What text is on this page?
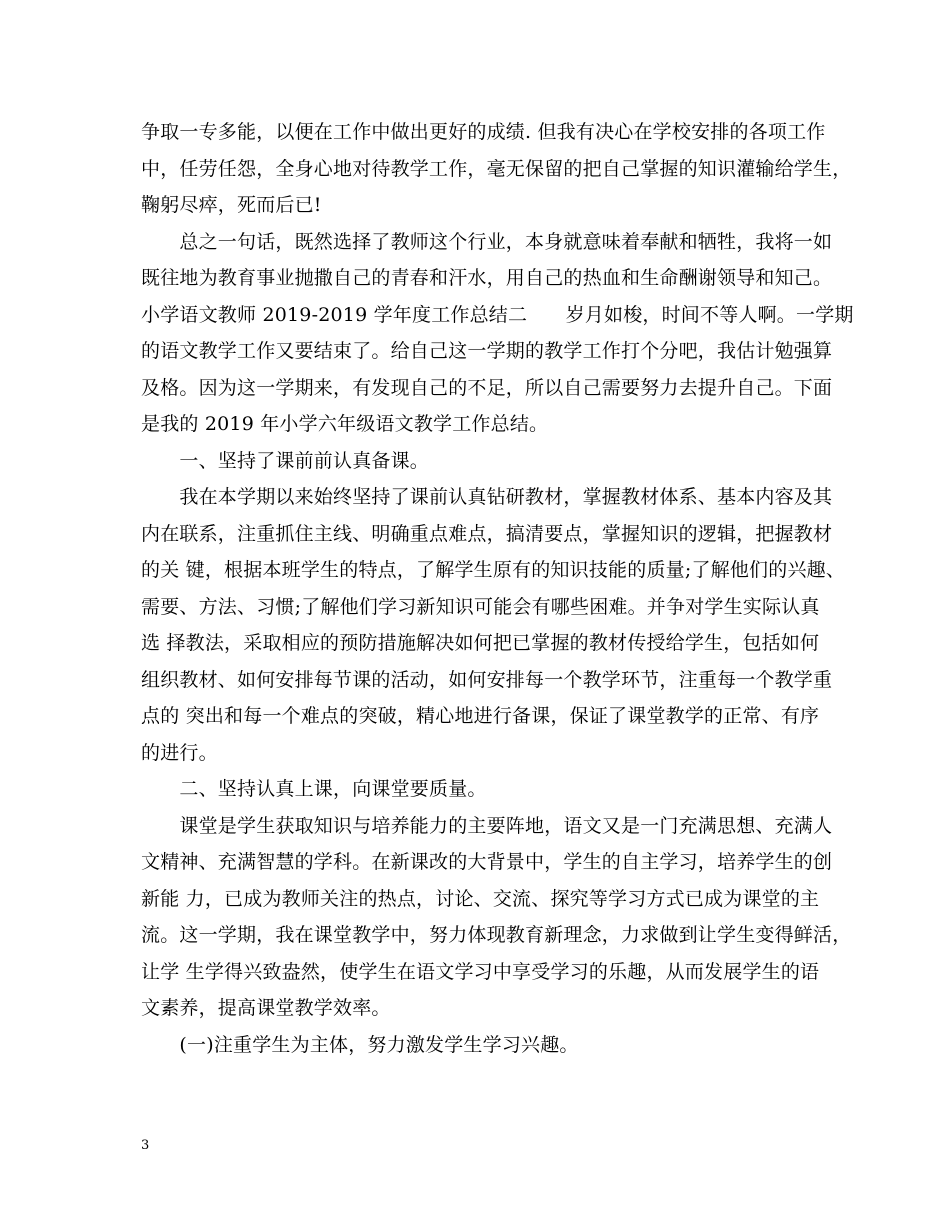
争取一专多能，以便在工作中做出更好的成绩. 但我有决心在学校安排的各项工作
中，任劳任怨，全身心地对待教学工作，毫无保留的把自己掌握的知识灌输给学生，
鞠躬尽瘁，死而后已!
　　总之一句话，既然选择了教师这个行业，本身就意味着奉献和牺牲，我将一如
既往地为教育事业抛撒自己的青春和汗水，用自己的热血和生命酬谢领导和知己。
小学语文教师 2019-2019 学年度工作总结二　　岁月如梭，时间不等人啊。一学期
的语文教学工作又要结束了。给自己这一学期的教学工作打个分吧，我估计勉强算
及格。因为这一学期来，有发现自己的不足，所以自己需要努力去提升自己。下面
是我的 2019 年小学六年级语文教学工作总结。
　　一、坚持了课前前认真备课。
　　我在本学期以来始终坚持了课前认真钻研教材，掌握教材体系、基本内容及其
内在联系，注重抓住主线、明确重点难点，搞清要点，掌握知识的逻辑，把握教材
的关 键，根据本班学生的特点，了解学生原有的知识技能的质量;了解他们的兴趣、
需要、方法、习惯;了解他们学习新知识可能会有哪些困难。并争对学生实际认真
选 择教法，采取相应的预防措施解决如何把已掌握的教材传授给学生，包括如何
组织教材、如何安排每节课的活动，如何安排每一个教学环节，注重每一个教学重
点的 突出和每一个难点的突破，精心地进行备课，保证了课堂教学的正常、有序
的进行。
　　二、坚持认真上课，向课堂要质量。
　　课堂是学生获取知识与培养能力的主要阵地，语文又是一门充满思想、充满人
文精神、充满智慧的学科。在新课改的大背景中，学生的自主学习，培养学生的创
新能 力，已成为教师关注的热点，讨论、交流、探究等学习方式已成为课堂的主
流。这一学期，我在课堂教学中，努力体现教育新理念，力求做到让学生变得鲜活，
让学 生学得兴致盎然，使学生在语文学习中享受学习的乐趣，从而发展学生的语
文素养，提高课堂教学效率。
　　(一)注重学生为主体，努力激发学生学习兴趣。
3
